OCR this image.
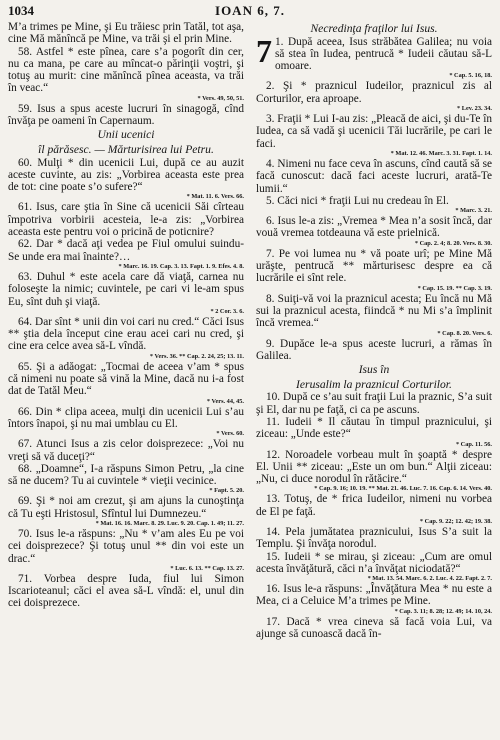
1034	IOAN 6, 7.

M’a trimes pe Mine, şi Eu trăiesc prin Tatăl, tot aşa, cine Mă mănîncă pe Mine, va trăi şi el prin Mine.

58. Astfel * este pînea, care s’a pogorît din cer, nu ca mana, pe care au mîncat-o părinţii voştri, şi totuş au murit: cine mănîncă pînea aceasta, va trăi în veac.“

* Vers. 49, 50, 51.

59. Isus a spus aceste lucruri în sinagogă, cînd învăţa pe oameni în Capernaum.

Unii ucenici

îl părăsesc. — Mărturisirea lui Petru.

60. Mulţi * din ucenicii Lui, după ce au auzit aceste cuvinte, au zis: „Vorbirea aceasta este prea de tot: cine poate s’o sufere?“

* Mat. 11. 6. Vers. 66.

61. Isus, care ştia în Sine că ucenicii Săi cîrteau împotriva vorbirii acesteia, le-a zis: „Vorbirea aceasta este pentru voi o pricină de poticnire?

62. Dar * dacă aţi vedea pe Fiul omului suindu-Se unde era mai înainte?…

* Marc. 16. 19. Cap. 3. 13. Fapt. 1. 9. Efes. 4. 8.

63. Duhul * este acela care dă viaţă, carnea nu foloseşte la nimic; cuvintele, pe cari vi le-am spus Eu, sînt duh şi viaţă.

* 2 Cor. 3. 6.

64. Dar sînt * unii din voi cari nu cred.“ Căci Isus ** ştia dela început cine erau acei cari nu cred, şi cine era celce avea să-L vîndă.

* Vers. 36. ** Cap. 2. 24, 25; 13. 11.

65. Şi a adăogat: „Tocmai de aceea v’am * spus că nimeni nu poate să vină la Mine, dacă nu i-a fost dat de Tatăl Meu.“

* Vers. 44, 45.

66. Din * clipa aceea, mulţi din ucenicii Lui s’au întors înapoi, şi nu mai umblau cu El.

* Vers. 60.

67. Atunci Isus a zis celor doisprezece: „Voi nu vreţi să vă duceţi?“

68. „Doamne“, I-a răspuns Simon Petru, „la cine să ne ducem? Tu ai cuvintele * vieţii vecinice.

* Fapt. 5. 20.

69. Şi * noi am crezut, şi am ajuns la cunoştinţa că Tu eşti Hristosul, Sfîntul lui Dumnezeu.“

* Mat. 16. 16. Marc. 8. 29. Luc. 9. 20. Cap. 1. 49; 11. 27.

70. Isus le-a răspuns: „Nu * v’am ales Eu pe voi cei doisprezece? Şi totuş unul ** din voi este un drac.“

* Luc. 6. 13. ** Cap. 13. 27.

71. Vorbea despre Iuda, fiul lui Simon Iscarioteanul; căci el avea să-L vîndă: el, unul din cei doisprezece.

Necredinţa fraţilor lui Isus.

7 1. După aceea, Isus străbătea Galilea; nu voia să stea în Iudea, pentrucă * Iudeii căutau să-L omoare.

* Cap. 5. 16, 18.

2. Şi * praznicul Iudeilor, praznicul zis al Corturilor, era aproape.

* Lev. 23. 34.

3. Fraţii * Lui I-au zis: „Pleacă de aici, şi du-Te în Iudea, ca să vadă şi ucenicii Tăi lucrările, pe cari le faci.

* Mat. 12. 46. Marc. 3. 31. Fapt. 1. 14.

4. Nimeni nu face ceva în ascuns, cînd caută să se facă cunoscut: dacă faci aceste lucruri, arată-Te lumii.“

5. Căci nici * fraţii Lui nu credeau în El.

* Marc. 3. 21.

6. Isus le-a zis: „Vremea * Mea n’a sosit încă, dar vouă vremea totdeauna vă este prielnică.

* Cap. 2. 4; 8. 20. Vers. 8. 30.

7. Pe voi lumea nu * vă poate urî; pe Mine Mă urăşte, pentrucă ** mărturisesc despre ea că lucrările ei sînt rele.

* Cap. 15. 19. ** Cap. 3. 19.

8. Suiţi-vă voi la praznicul acesta; Eu încă nu Mă sui la praznicul acesta, fiindcă * nu Mi s’a împlinit încă vremea.“

* Cap. 8. 20. Vers. 6.

9. Dupăce le-a spus aceste lucruri, a rămas în Galilea.

Isus în

Ierusalim la praznicul Corturilor.

10. După ce s’au suit fraţii Lui la praznic, S’a suit şi El, dar nu pe faţă, ci ca pe ascuns.

11. Iudeii * Il căutau în timpul praznicului, şi ziceau: „Unde este?“

* Cap. 11. 56.

12. Noroadele vorbeau mult în şoaptă * despre El. Unii ** ziceau: „Este un om bun.“ Alţii ziceau: „Nu, ci duce norodul în rătăcire.“

* Cap. 9. 16; 10. 19. ** Mat. 21. 46. Luc. 7. 16. Cap. 6. 14. Vers. 40.

13. Totuş, de * frica Iudeilor, nimeni nu vorbea de El pe faţă.

* Cap. 9. 22; 12. 42; 19. 38.

14. Pela jumătatea praznicului, Isus S’a suit la Templu. Şi învăţa norodul.

15. Iudeii * se mirau, şi ziceau: „Cum are omul acesta învăţătură, căci n’a învăţat niciodată?“

* Mat. 13. 54. Marc. 6. 2. Luc. 4. 22. Fapt. 2. 7.

16. Isus le-a răspuns: „Învăţătura Mea * nu este a Mea, ci a Celuice M’a trimes pe Mine.

* Cap. 3. 11; 8. 28; 12. 49; 14. 10, 24.

17. Dacă * vrea cineva să facă voia Lui, va ajunge să cunoască dacă în-
